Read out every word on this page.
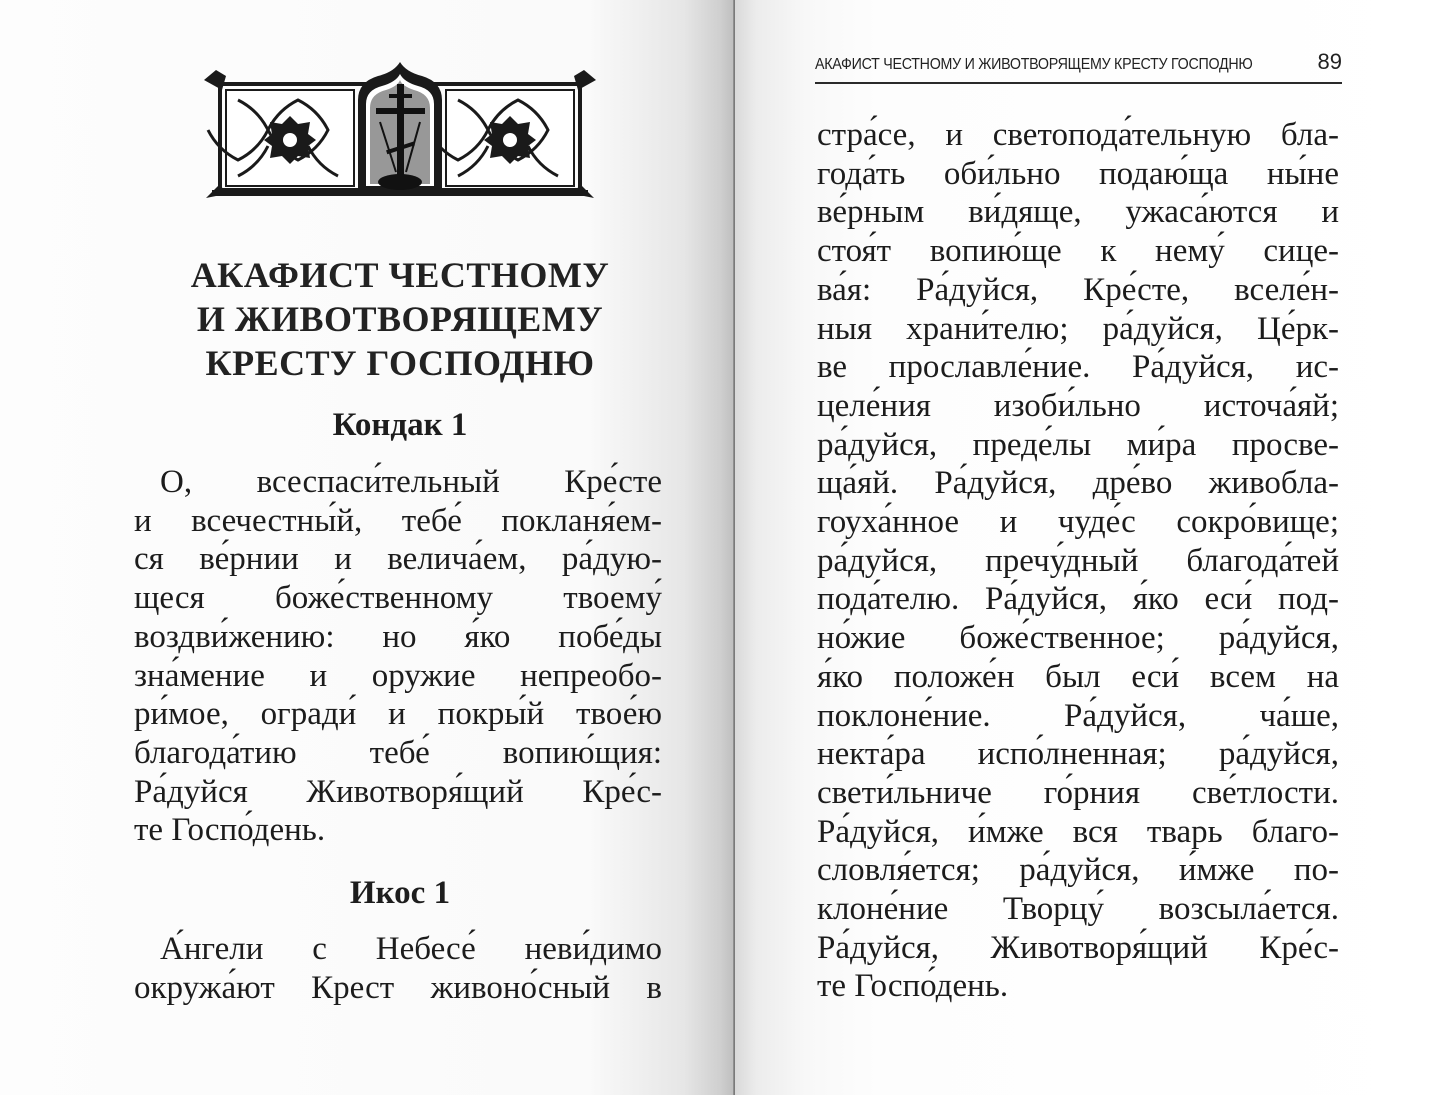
АКАФИСТ ЧЕСТНОМУ
И ЖИВОТВОРЯЩЕМУ
КРЕСТУ ГОСПОДНЮ
Кондак 1
О, всеспаси́тельный Кре́сте
и всечестны́й, тебе́ покланя́ем-
ся ве́рнии и велича́ем, ра́дую-
щеся боже́ственному твоему́
воздви́жению: но я́ко побе́ды
зна́мение и оружие непреобо-
ри́мое, огради́ и покры́й твое́ю
благода́тию тебе́ вопию́щия:
Ра́дуйся Животворя́щий Кре́с-
те Госпо́день.
Икос 1
А́нгели с Небесе́ неви́димо
окружа́ют Крест живоно́сный в
АКАФИСТ ЧЕСТНОМУ И ЖИВОТВОРЯЩЕМУ КРЕСТУ ГОСПОДНЮ	89
стра́се, и светопода́тельную бла-
года́ть оби́льно подаю́ща ны́не
ве́рным ви́дяще, ужаса́ются и
стоя́т вопию́ще к нему́ сице-
ва́я: Ра́дуйся, Кре́сте, вселе́н-
ныя храни́телю; ра́дуйся, Це́рк-
ве прославле́ние. Ра́дуйся, ис-
целе́ния изоби́льно источа́яй;
ра́дуйся, преде́лы ми́ра просве-
ща́яй. Ра́дуйся, дре́во живобла-
гоуха́нное и чуде́с сокро́вище;
ра́дуйся, пречу́дный благода́тей
пода́телю. Ра́дуйся, я́ко еси́ под-
но́жие боже́ственное; ра́дуйся,
я́ко положе́н был еси́ всем на
поклоне́ние. Ра́дуйся, ча́ше,
некта́ра испо́лненная; ра́дуйся,
свети́льниче го́рния све́тлости.
Ра́дуйся, и́мже вся тварь благо-
словля́ется; ра́дуйся, и́мже по-
клоне́ние Творцу́ возсыла́ется.
Ра́дуйся, Животворя́щий Кре́с-
те Госпо́день.
